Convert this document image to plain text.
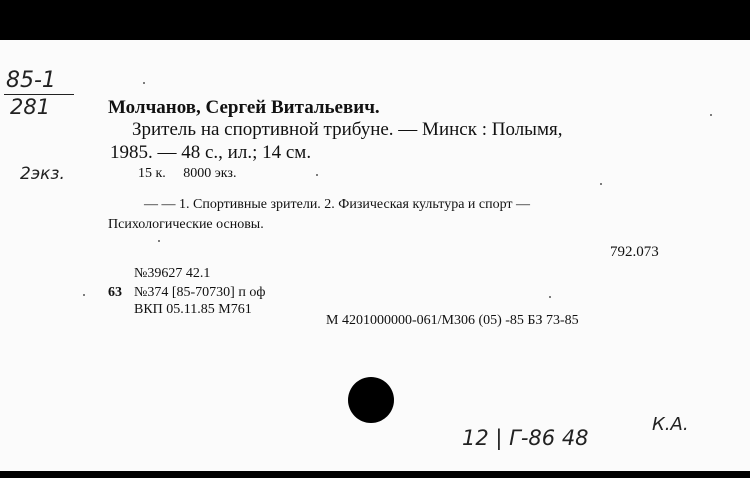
85-1
281
2экз.
Молчанов, Сергей Витальевич.
Зритель на спортивной трибуне. — Минск : Полымя,
1985. — 48 с., ил.; 14 см.
15 к.     8000 экз.
— — 1. Спортивные зрители. 2. Физическая культура и спорт —
Психологические основы.
792.073
№39627 42.1
63 №374 [85-70730] п оф
ВКП 05.11.85 М761
М 4201000000-061/М306 (05) -85 БЗ 73-85
12 | Г-86 48
К.А.
